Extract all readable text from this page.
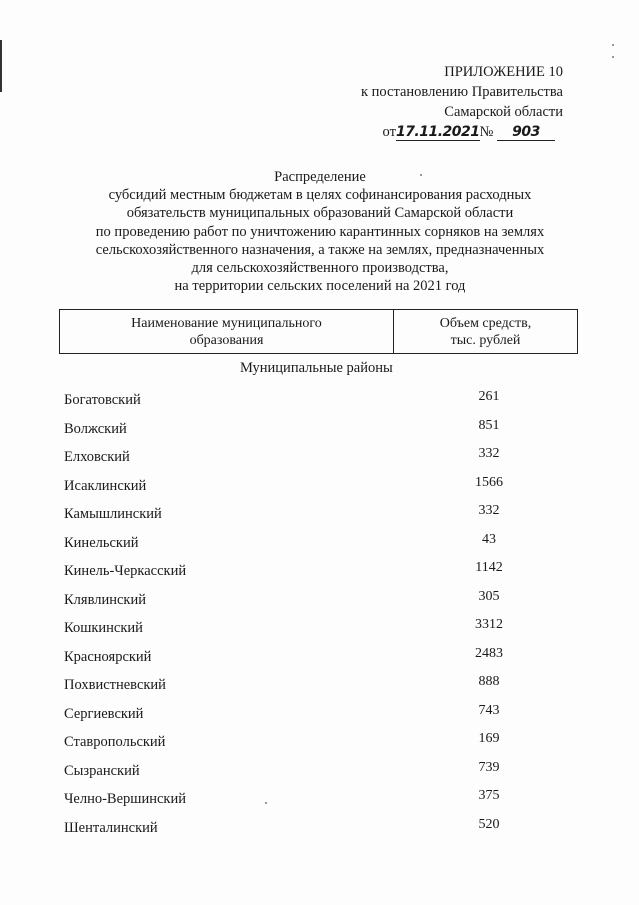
ПРИЛОЖЕНИЕ 10
к постановлению Правительства
Самарской области
от17.11.2021№ 903
Распределение
субсидий местным бюджетам в целях софинансирования расходных
обязательств муниципальных образований Самарской области
по проведению работ по уничтожению карантинных сорняков на землях
сельскохозяйственного назначения, а также на землях, предназначенных
для сельскохозяйственного производства,
на территории сельских поселений на 2021 год
Наименование муниципального
образования
Объем средств,
тыс. рублей
Муниципальные районы
Богатовский	261
Волжский	851
Елховский	332
Исаклинский	1566
Камышлинский	332
Кинельский	43
Кинель-Черкасский	1142
Клявлинский	305
Кошкинский	3312
Красноярский	2483
Похвистневский	888
Сергиевский	743
Ставропольский	169
Сызранский	739
Челно-Вершинский	375
Шенталинский	520
